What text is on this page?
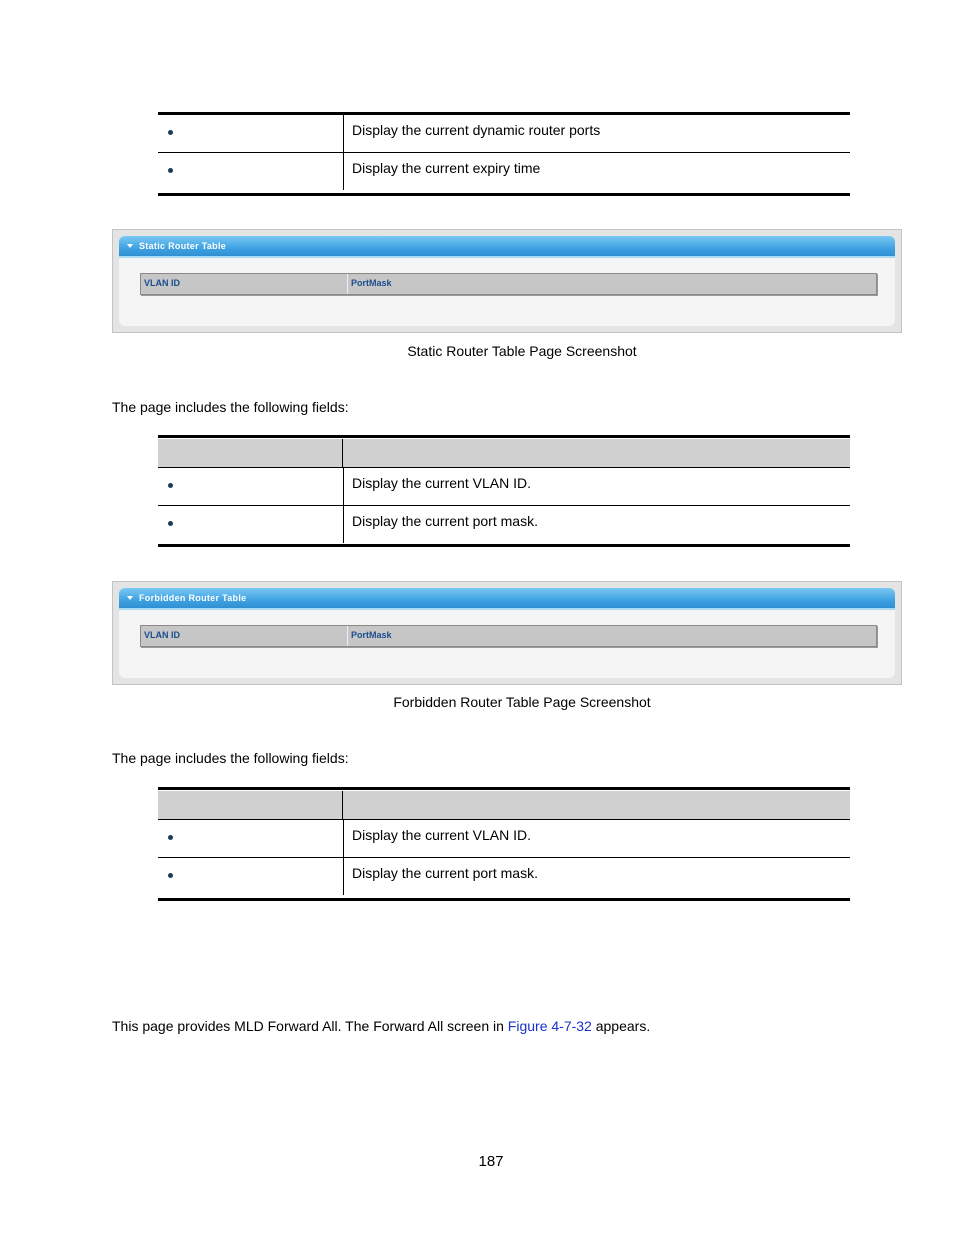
Display the current dynamic router ports
Display the current expiry time
Static Router Table
VLAN ID	PortMask
Static Router Table Page Screenshot
The page includes the following fields:
Display the current VLAN ID.
Display the current port mask.
Forbidden Router Table
VLAN ID	PortMask
Forbidden Router Table Page Screenshot
The page includes the following fields:
Display the current VLAN ID.
Display the current port mask.
This page provides MLD Forward All. The Forward All screen in Figure 4-7-32 appears.
187
